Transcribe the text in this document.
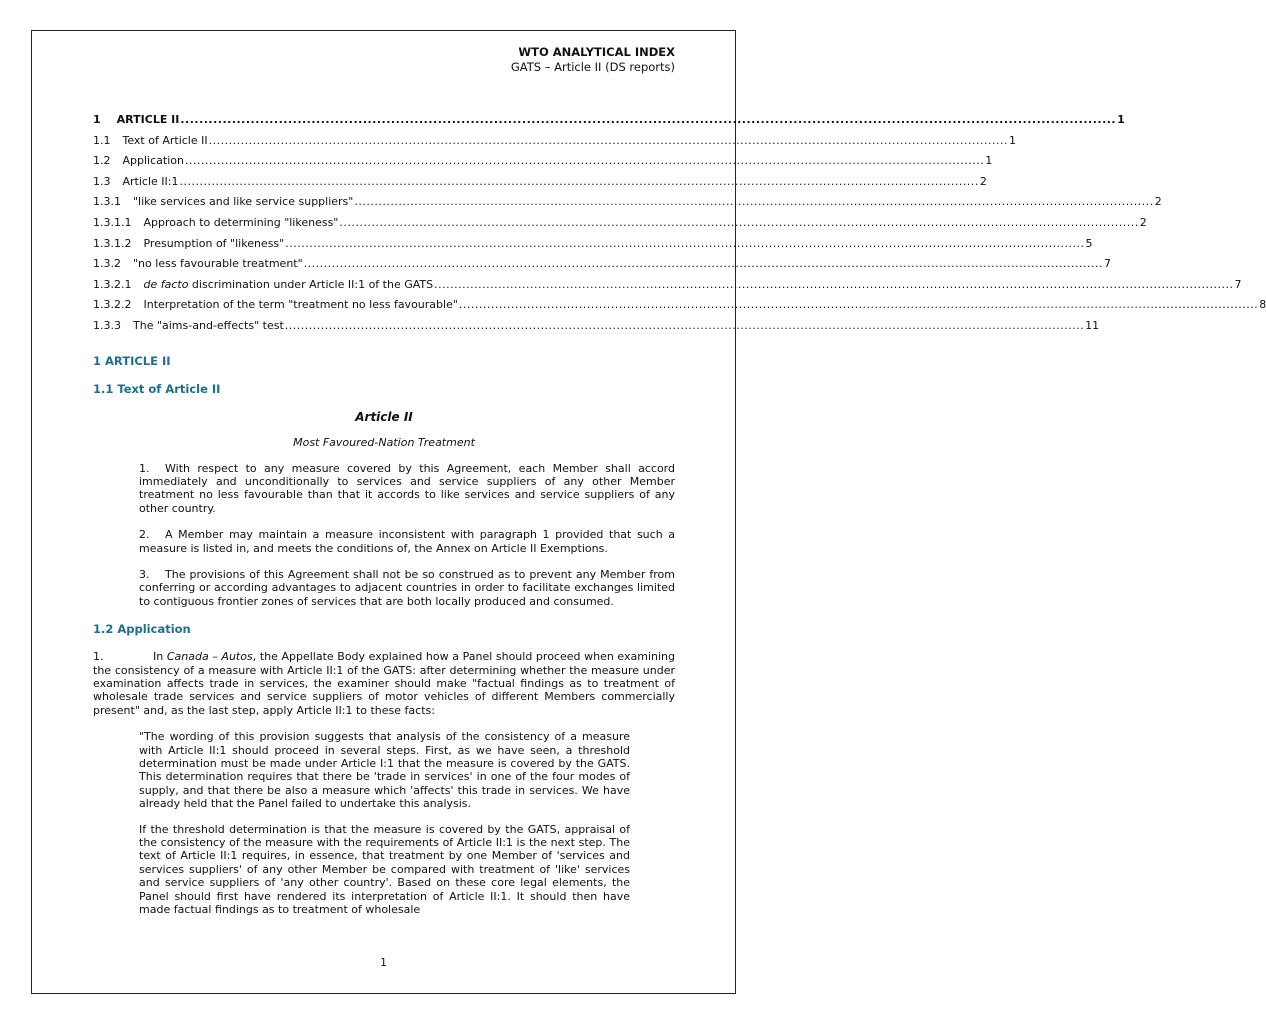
WTO ANALYTICAL INDEX
GATS – Article II (DS reports)
1 ARTICLE II ........................................................................................................................................................................................................ 1
1.1 Text of Article II ........................................................................................................................................................................................................ 1
1.2 Application ........................................................................................................................................................................................................ 1
1.3 Article II:1 ........................................................................................................................................................................................................ 2
1.3.1 "like services and like service suppliers" ........................................................................................................................................................................................................ 2
1.3.1.1 Approach to determining "likeness" ........................................................................................................................................................................................................ 2
1.3.1.2 Presumption of "likeness" ........................................................................................................................................................................................................ 5
1.3.2 "no less favourable treatment" ........................................................................................................................................................................................................ 7
1.3.2.1 de facto discrimination under Article II:1 of the GATS ........................................................................................................................................................................................................ 7
1.3.2.2 Interpretation of the term "treatment no less favourable" ........................................................................................................................................................................................................ 8
1.3.3 The "aims-and-effects" test ........................................................................................................................................................................................................ 11
1 ARTICLE II
1.1 Text of Article II
Article II
Most Favoured-Nation Treatment
1. With respect to any measure covered by this Agreement, each Member shall accord immediately and unconditionally to services and service suppliers of any other Member treatment no less favourable than that it accords to like services and service suppliers of any other country.
2. A Member may maintain a measure inconsistent with paragraph 1 provided that such a measure is listed in, and meets the conditions of, the Annex on Article II Exemptions.
3. The provisions of this Agreement shall not be so construed as to prevent any Member from conferring or according advantages to adjacent countries in order to facilitate exchanges limited to contiguous frontier zones of services that are both locally produced and consumed.
1.2 Application
1.	In Canada – Autos, the Appellate Body explained how a Panel should proceed when examining the consistency of a measure with Article II:1 of the GATS: after determining whether the measure under examination affects trade in services, the examiner should make "factual findings as to treatment of wholesale trade services and service suppliers of motor vehicles of different Members commercially present" and, as the last step, apply Article II:1 to these facts:
"The wording of this provision suggests that analysis of the consistency of a measure with Article II:1 should proceed in several steps. First, as we have seen, a threshold determination must be made under Article I:1 that the measure is covered by the GATS. This determination requires that there be 'trade in services' in one of the four modes of supply, and that there be also a measure which 'affects' this trade in services. We have already held that the Panel failed to undertake this analysis.
If the threshold determination is that the measure is covered by the GATS, appraisal of the consistency of the measure with the requirements of Article II:1 is the next step. The text of Article II:1 requires, in essence, that treatment by one Member of 'services and services suppliers' of any other Member be compared with treatment of 'like' services and service suppliers of 'any other country'. Based on these core legal elements, the Panel should first have rendered its interpretation of Article II:1. It should then have made factual findings as to treatment of wholesale
1
